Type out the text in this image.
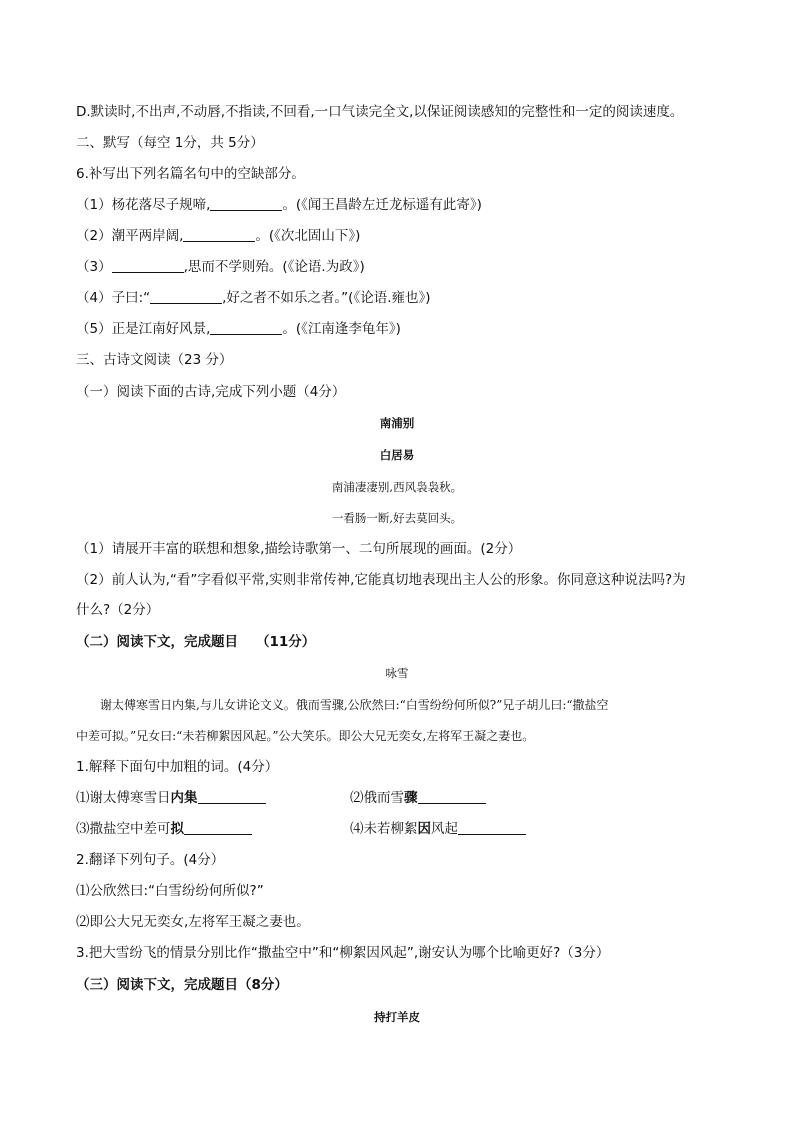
D.默读时,不出声,不动唇,不指读,不回看,一口气读完全文,以保证阅读感知的完整性和一定的阅读速度。
二、默写（每空 1分，共 5分）
6.补写出下列名篇名句中的空缺部分。
（1）杨花落尽子规啼,	。(《闻王昌龄左迁龙标遥有此寄》)
（2）潮平两岸阔,	。(《次北固山下》)
（3）	,思而不学则殆。(《论语.为政》)
（4）子曰:“	,好之者不如乐之者。”(《论语.雍也》)
（5）正是江南好风景,	。(《江南逢李龟年》)
三、古诗文阅读（23 分）
（一）阅读下面的古诗,完成下列小题（4分）
南浦别
白居易
南浦凄凄别,西风袅袅秋。
一看肠一断,好去莫回头。
（1）请展开丰富的联想和想象,描绘诗歌第一、二句所展现的画面。(2分）
（2）前人认为,“看”字看似平常,实则非常传神,它能真切地表现出主人公的形象。你同意这种说法吗?为
什么?（2分）
（二）阅读下文，完成题目 （11分）
咏雪
谢太傅寒雪日内集,与儿女讲论文义。俄而雪骤,公欣然曰:“白雪纷纷何所似?”兄子胡儿曰:“撒盐空
中差可拟。”兄女曰:“未若柳絮因风起。”公大笑乐。即公大兄无奕女,左将军王凝之妻也。
1.解释下面句中加粗的词。(4分）
⑴谢太傅寒雪日内集	⑵俄而雪骤
⑶撒盐空中差可拟	⑷未若柳絮因风起
2.翻译下列句子。(4分）
⑴公欣然曰:“白雪纷纷何所似?”
⑵即公大兄无奕女,左将军王凝之妻也。
3.把大雪纷飞的情景分别比作“撒盐空中”和“柳絮因风起”,谢安认为哪个比喻更好?（3分）
（三）阅读下文，完成题目（8分）
持打羊皮
